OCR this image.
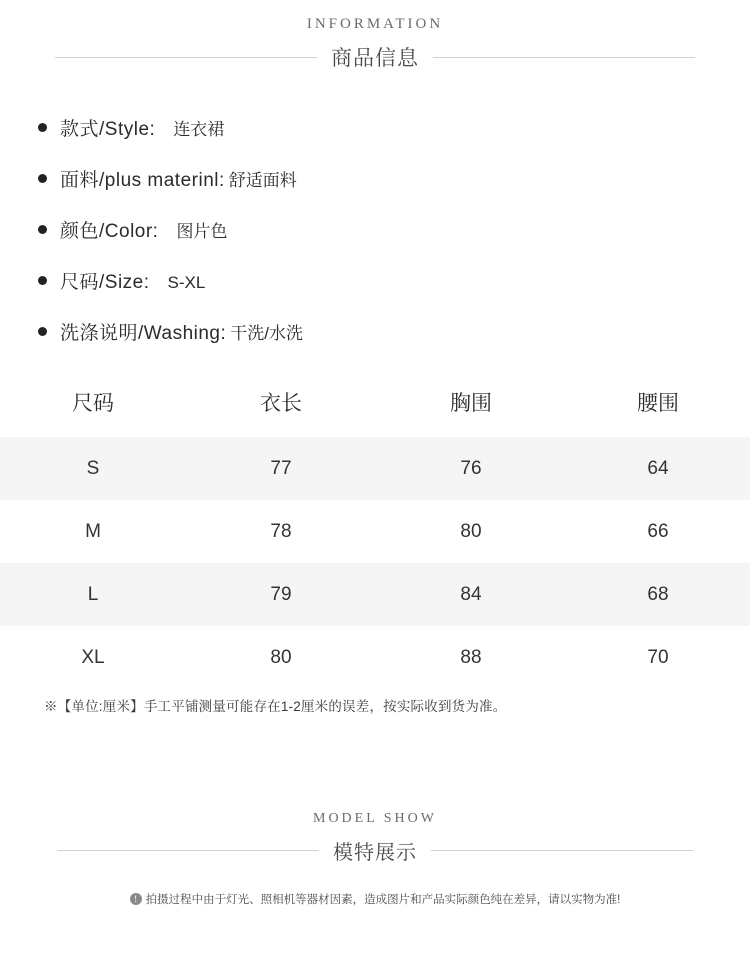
INFORMATION
商品信息
款式/Style: 连衣裙
面料/plus materinl: 舒适面料
颜色/Color: 图片色
尺码/Size: S-XL
洗涤说明/Washing: 干洗/水洗
尺码	衣长	胸围	腰围
S	77	76	64
M	78	80	66
L	79	84	68
XL	80	88	70
※【单位:厘米】手工平铺测量可能存在1-2厘米的误差，按实际收到货为准。
MODEL SHOW
模特展示
! 拍摄过程中由于灯光、照相机等器材因素，造成图片和产品实际颜色纯在差异，请以实物为准!
